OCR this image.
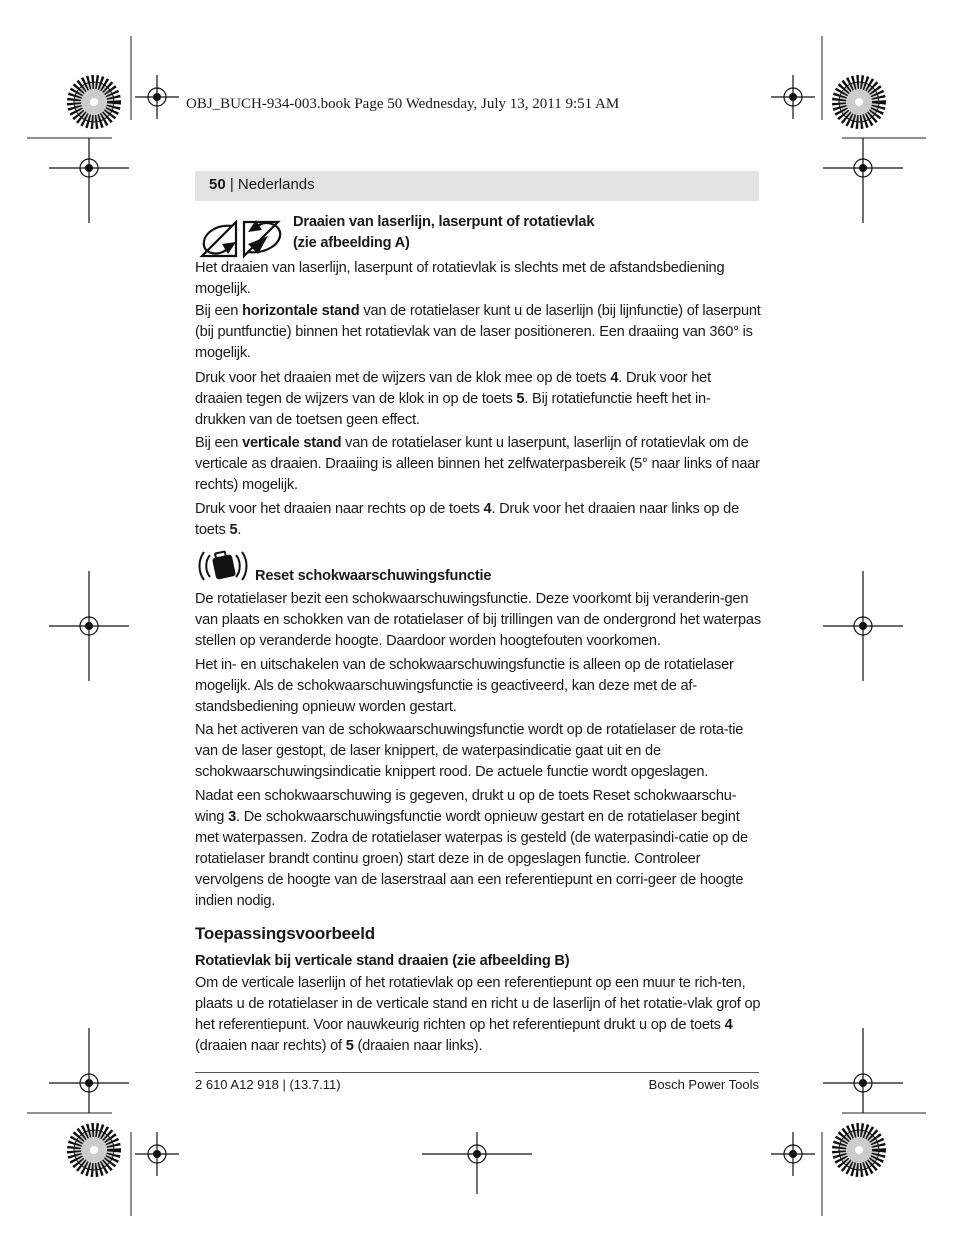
OBJ_BUCH-934-003.book Page 50 Wednesday, July 13, 2011 9:51 AM
50 | Nederlands
Draaien van laserlijn, laserpunt of rotatievlak
(zie afbeelding A)

Het draaien van laserlijn, laserpunt of rotatievlak is slechts met de afstandsbediening mogelijk.

Bij een horizontale stand van de rotatielaser kunt u de laserlijn (bij lijnfunctie) of laserpunt (bij puntfunctie) binnen het rotatievlak van de laser positioneren. Een draaiing van 360° is mogelijk.

Druk voor het draaien met de wijzers van de klok mee op de toets 4. Druk voor het draaien tegen de wijzers van de klok in op de toets 5. Bij rotatiefunctie heeft het in-drukken van de toetsen geen effect.

Bij een verticale stand van de rotatielaser kunt u laserpunt, laserlijn of rotatievlak om de verticale as draaien. Draaiing is alleen binnen het zelfwaterpasbereik (5° naar links of naar rechts) mogelijk.

Druk voor het draaien naar rechts op de toets 4. Druk voor het draaien naar links op de toets 5.

Reset schokwaarschuwingsfunctie

De rotatielaser bezit een schokwaarschuwingsfunctie. Deze voorkomt bij veranderin-gen van plaats en schokken van de rotatielaser of bij trillingen van de ondergrond het waterpas stellen op veranderde hoogte. Daardoor worden hoogtefouten voorkomen.

Het in- en uitschakelen van de schokwaarschuwingsfunctie is alleen op de rotatielaser mogelijk. Als de schokwaarschuwingsfunctie is geactiveerd, kan deze met de af-standsbediening opnieuw worden gestart.

Na het activeren van de schokwaarschuwingsfunctie wordt op de rotatielaser de rota-tie van de laser gestopt, de laser knippert, de waterpasindicatie gaat uit en de schokwaarschuwingsindicatie knippert rood. De actuele functie wordt opgeslagen.

Nadat een schokwaarschuwing is gegeven, drukt u op de toets Reset schokwaarschu-wing 3. De schokwaarschuwingsfunctie wordt opnieuw gestart en de rotatielaser begint met waterpassen. Zodra de rotatielaser waterpas is gesteld (de waterpasindi-catie op de rotatielaser brandt continu groen) start deze in de opgeslagen functie. Controleer vervolgens de hoogte van de laserstraal aan een referentiepunt en corri-geer de hoogte indien nodig.

Toepassingsvoorbeeld
Rotatievlak bij verticale stand draaien (zie afbeelding B)

Om de verticale laserlijn of het rotatievlak op een referentiepunt op een muur te rich-ten, plaats u de rotatielaser in de verticale stand en richt u de laserlijn of het rotatie-vlak grof op het referentiepunt. Voor nauwkeurig richten op het referentiepunt drukt u op de toets 4 (draaien naar rechts) of 5 (draaien naar links).

2 610 A12 918 | (13.7.11)	Bosch Power Tools
